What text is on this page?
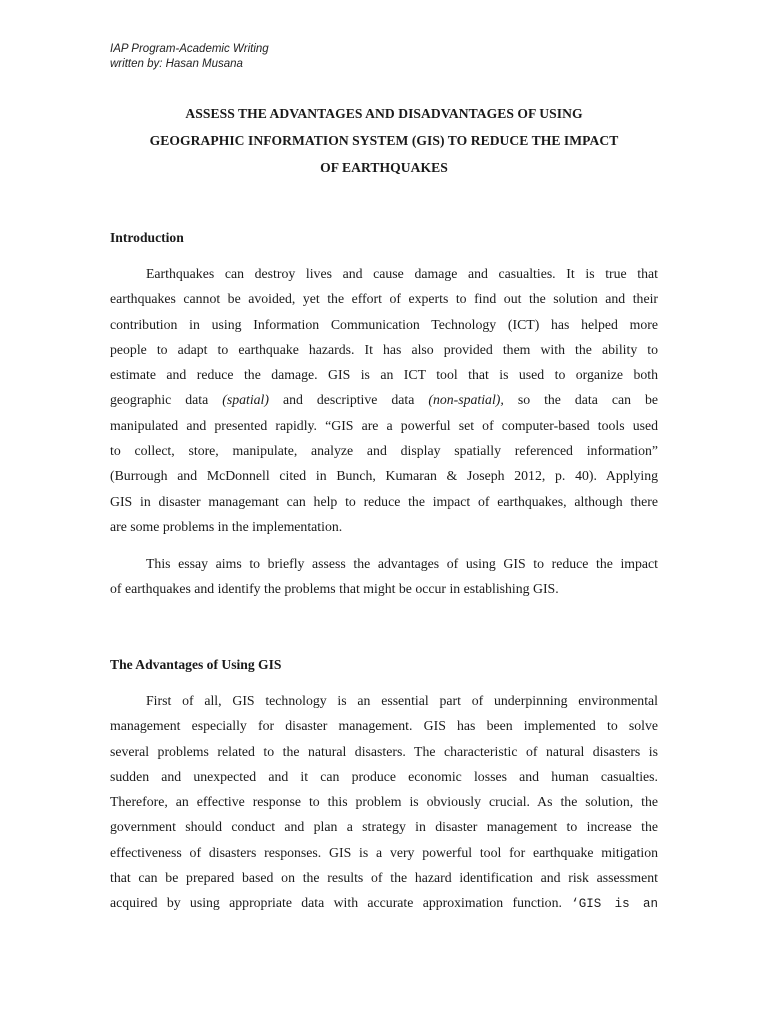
IAP Program-Academic Writing
written by: Hasan Musana
ASSESS THE ADVANTAGES AND DISADVANTAGES OF USING
GEOGRAPHIC INFORMATION SYSTEM (GIS) TO REDUCE THE IMPACT
OF EARTHQUAKES
Introduction
Earthquakes can destroy lives and cause damage and casualties. It is true that
earthquakes cannot be avoided, yet the effort of experts to find out the solution and their
contribution in using Information Communication Technology (ICT) has helped more
people to adapt to earthquake hazards. It has also provided them with the ability to
estimate and reduce the damage. GIS is an ICT tool that is used to organize both
geographic data (spatial) and descriptive data (non-spatial), so the data can be
manipulated and presented rapidly. “GIS are a powerful set of computer-based tools used
to collect, store, manipulate, analyze and display spatially referenced information”
(Burrough and McDonnell cited in Bunch, Kumaran & Joseph 2012, p. 40). Applying
GIS in disaster managemant can help to reduce the impact of earthquakes, although there
are some problems in the implementation.
This essay aims to briefly assess the advantages of using GIS to reduce the impact
of earthquakes and identify the problems that might be occur in establishing GIS.
The Advantages of Using GIS
First of all, GIS technology is an essential part of underpinning environmental
management especially for disaster management. GIS has been implemented to solve
several problems related to the natural disasters. The characteristic of natural disasters is
sudden and unexpected and it can produce economic losses and human casualties.
Therefore, an effective response to this problem is obviously crucial. As the solution, the
government should conduct and plan a strategy in disaster management to increase the
effectiveness of disasters responses. GIS is a very powerful tool for earthquake mitigation
that can be prepared based on the results of the hazard identification and risk assessment
acquired by using appropriate data with accurate approximation function. ‘GIS is an
